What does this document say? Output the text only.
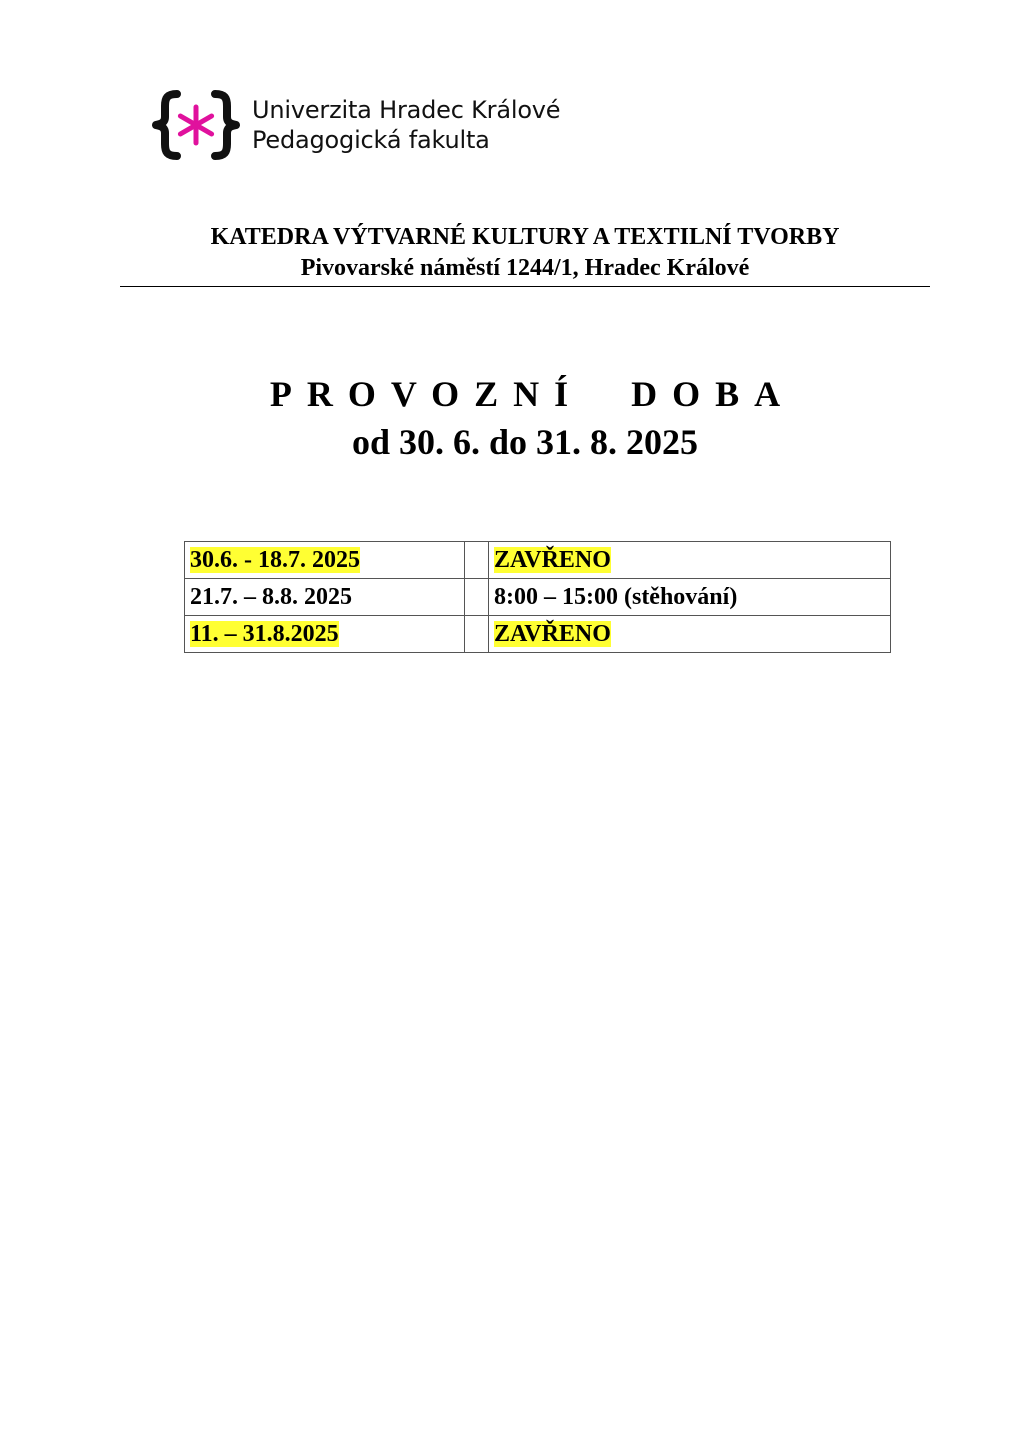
Univerzita Hradec Králové
Pedagogická fakulta
KATEDRA VÝTVARNÉ KULTURY A TEXTILNÍ TVORBY
Pivovarské náměstí 1244/1, Hradec Králové
PROVOZNÍ  DOBA
od 30. 6. do 31. 8. 2025
30.6. - 18.7. 2025		ZAVŘENO
21.7. – 8.8. 2025		8:00 – 15:00 (stěhování)
11. – 31.8.2025		ZAVŘENO
